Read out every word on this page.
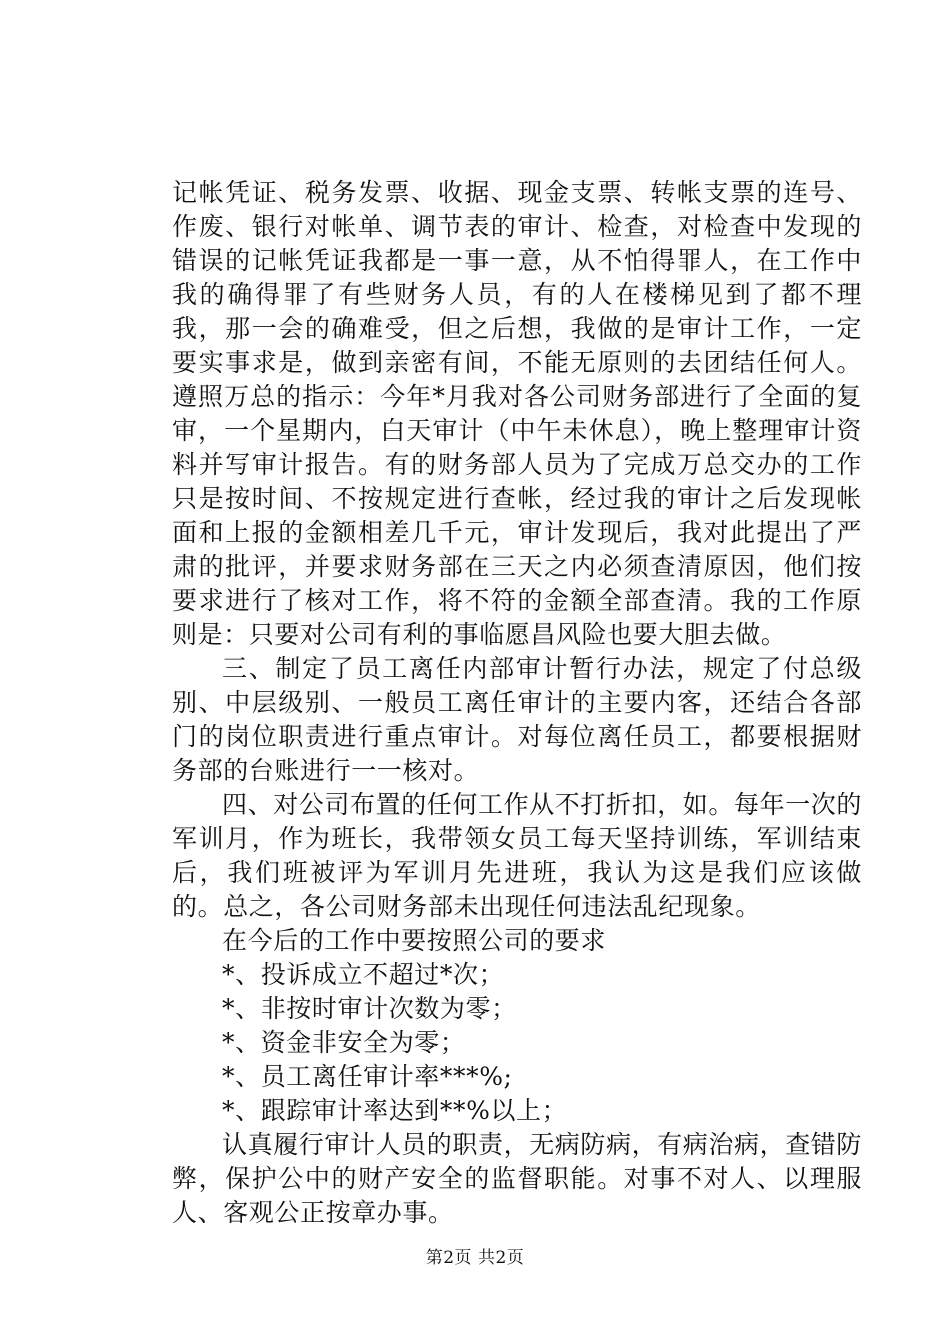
记帐凭证、税务发票、收据、现金支票、转帐支票的连号、作废、银行对帐单、调节表的审计、检查，对检查中发现的错误的记帐凭证我都是一事一意，从不怕得罪人，在工作中我的确得罪了有些财务人员，有的人在楼梯见到了都不理我，那一会的确难受，但之后想，我做的是审计工作，一定要实事求是，做到亲密有间，不能无原则的去团结任何人。遵照万总的指示：今年*月我对各公司财务部进行了全面的复审，一个星期内，白天审计（中午未休息），晚上整理审计资料并写审计报告。有的财务部人员为了完成万总交办的工作只是按时间、不按规定进行查帐，经过我的审计之后发现帐面和上报的金额相差几千元，审计发现后，我对此提出了严肃的批评，并要求财务部在三天之内必须查清原因，他们按要求进行了核对工作，将不符的金额全部查清。我的工作原则是：只要对公司有利的事临愿昌风险也要大胆去做。

三、制定了员工离任内部审计暂行办法，规定了付总级别、中层级别、一般员工离任审计的主要内客，还结合各部门的岗位职责进行重点审计。对每位离任员工，都要根据财务部的台账进行一一核对。

四、对公司布置的任何工作从不打折扣，如。每年一次的军训月，作为班长，我带领女员工每天坚持训练，军训结束后，我们班被评为军训月先进班，我认为这是我们应该做的。总之，各公司财务部未出现任何违法乱纪现象。

在今后的工作中要按照公司的要求

*、投诉成立不超过*次；

*、非按时审计次数为零；

*、资金非安全为零；

*、员工离任审计率***%;

*、跟踪审计率达到**%以上；

认真履行审计人员的职责，无病防病，有病治病，查错防弊，保护公中的财产安全的监督职能。对事不对人、以理服人、客观公正按章办事。

第2页 共2页
